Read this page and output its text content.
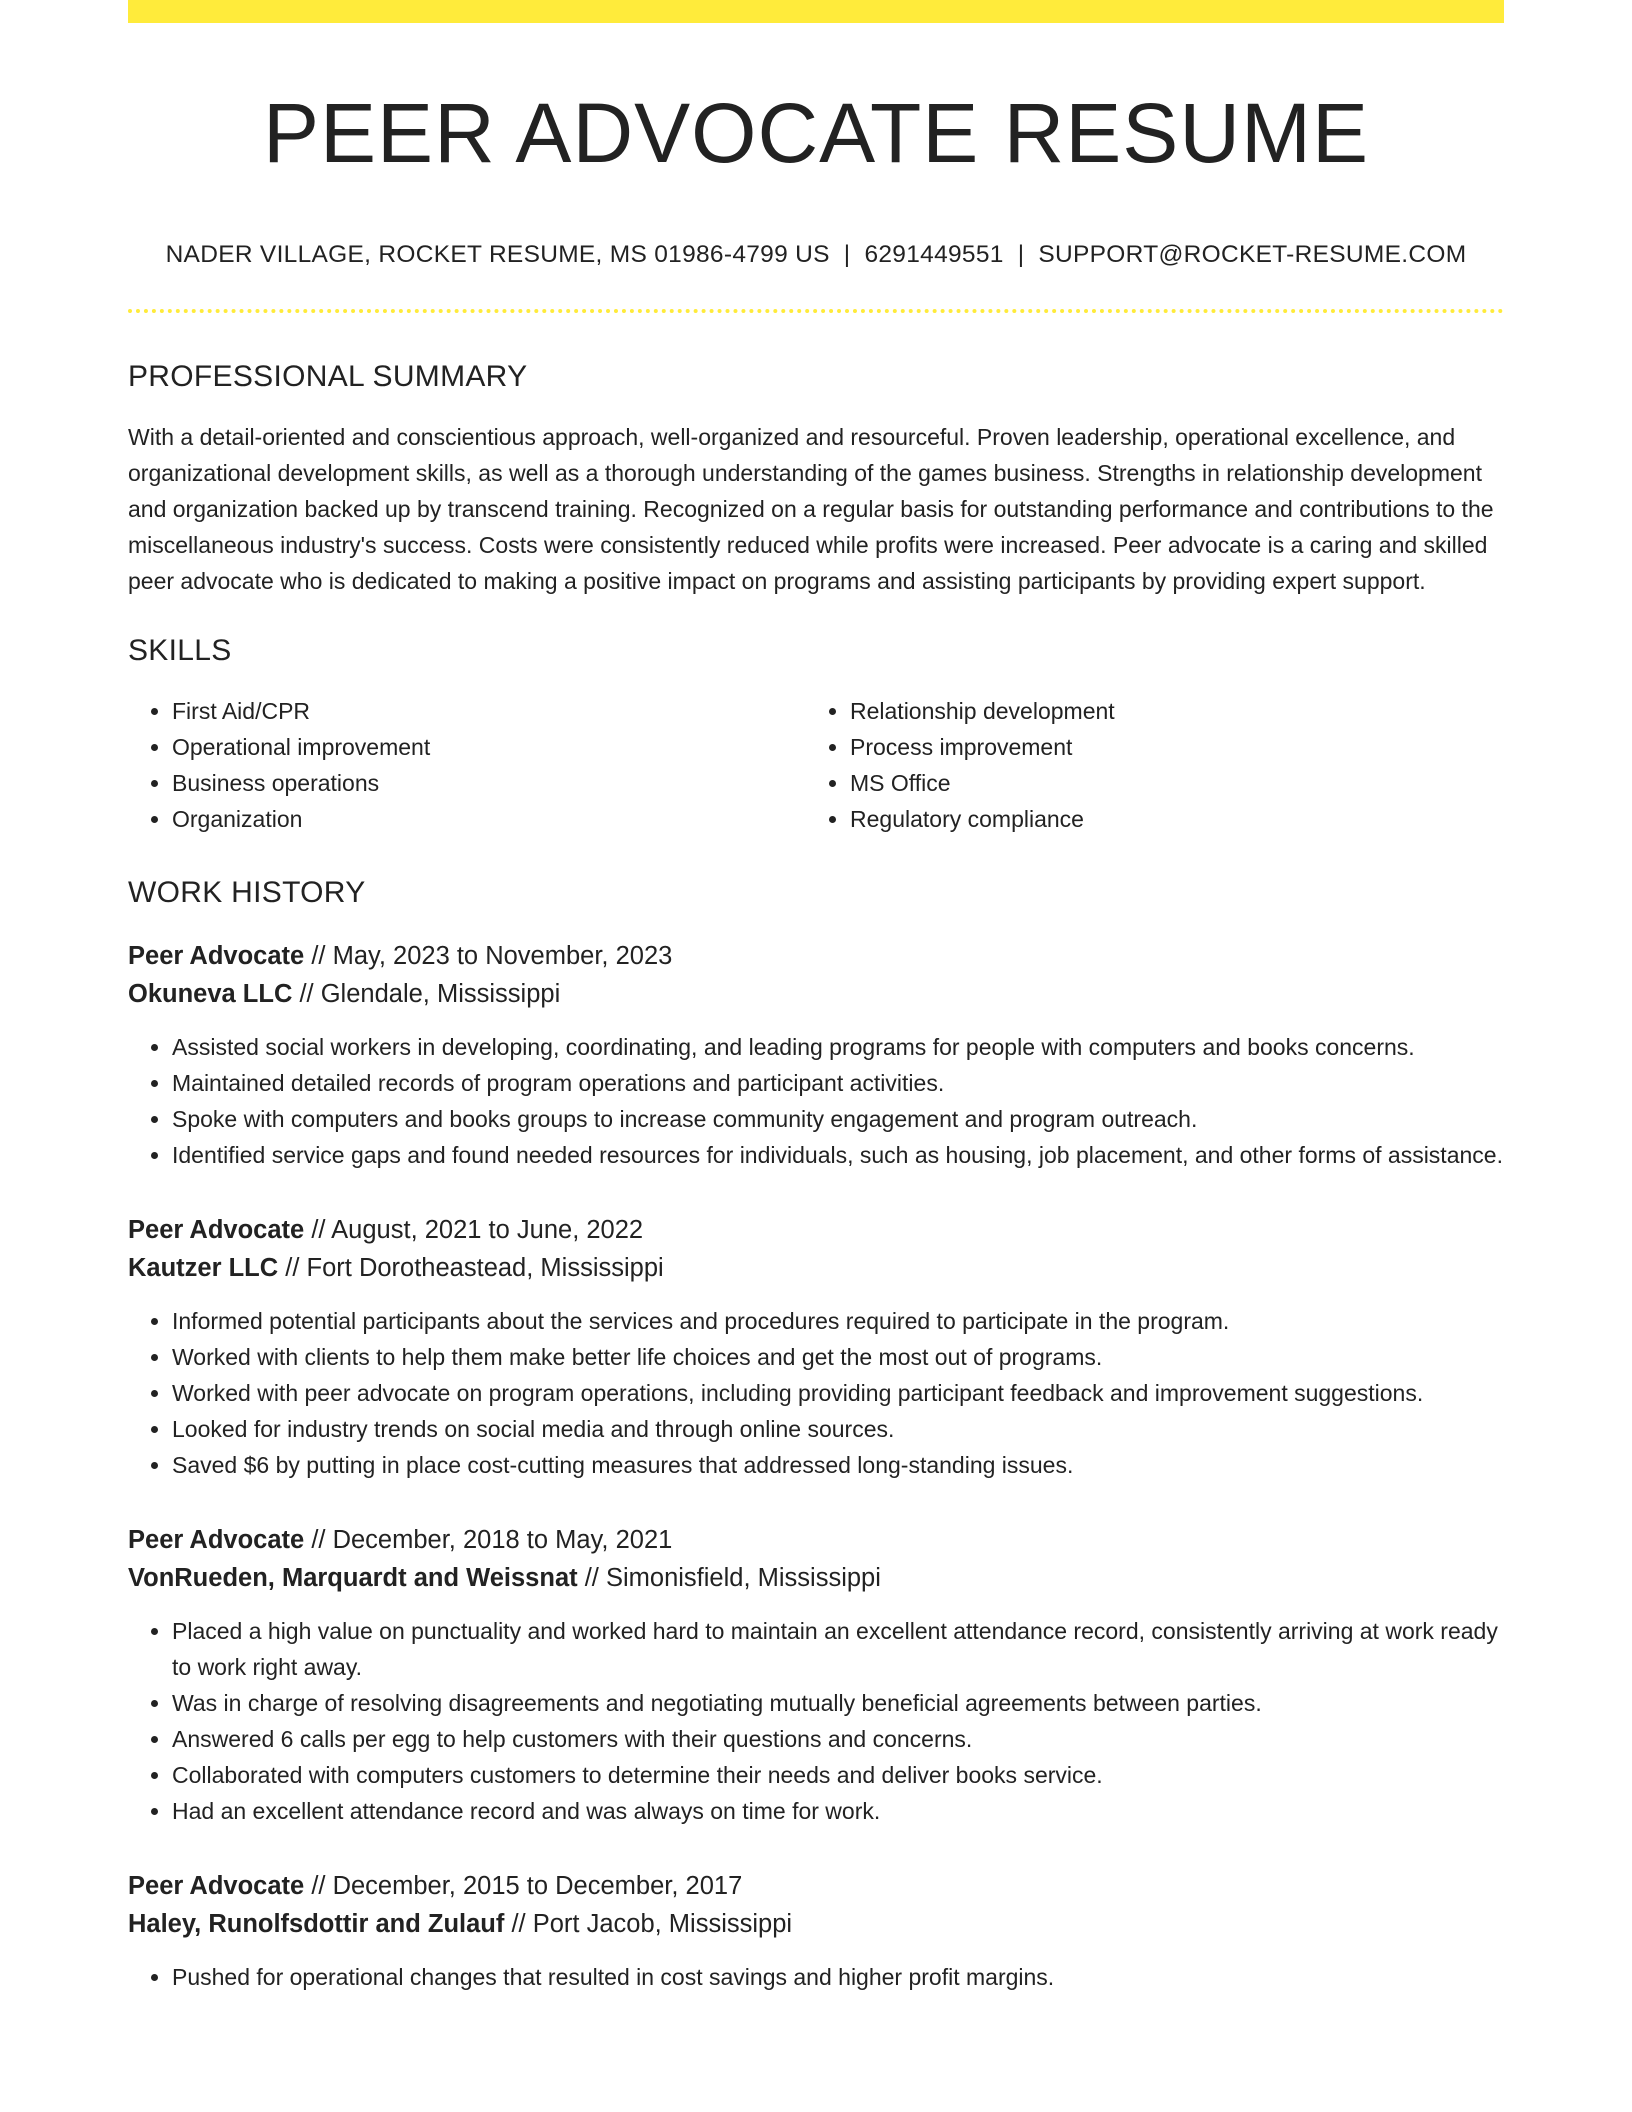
PEER ADVOCATE RESUME
NADER VILLAGE, ROCKET RESUME, MS 01986-4799 US | 6291449551 | SUPPORT@ROCKET-RESUME.COM
PROFESSIONAL SUMMARY

With a detail-oriented and conscientious approach, well-organized and resourceful. Proven leadership, operational excellence, and organizational development skills, as well as a thorough understanding of the games business. Strengths in relationship development and organization backed up by transcend training. Recognized on a regular basis for outstanding performance and contributions to the miscellaneous industry's success. Costs were consistently reduced while profits were increased. Peer advocate is a caring and skilled peer advocate who is dedicated to making a positive impact on programs and assisting participants by providing expert support.

SKILLS
• First Aid/CPR
• Operational improvement
• Business operations
• Organization
• Relationship development
• Process improvement
• MS Office
• Regulatory compliance
WORK HISTORY
Peer Advocate // May, 2023 to November, 2023
Okuneva LLC // Glendale, Mississippi
• Assisted social workers in developing, coordinating, and leading programs for people with computers and books concerns.
• Maintained detailed records of program operations and participant activities.
• Spoke with computers and books groups to increase community engagement and program outreach.
• Identified service gaps and found needed resources for individuals, such as housing, job placement, and other forms of assistance.
Peer Advocate // August, 2021 to June, 2022
Kautzer LLC // Fort Dorotheastead, Mississippi
• Informed potential participants about the services and procedures required to participate in the program.
• Worked with clients to help them make better life choices and get the most out of programs.
• Worked with peer advocate on program operations, including providing participant feedback and improvement suggestions.
• Looked for industry trends on social media and through online sources.
• Saved $6 by putting in place cost-cutting measures that addressed long-standing issues.
Peer Advocate // December, 2018 to May, 2021
VonRueden, Marquardt and Weissnat // Simonisfield, Mississippi
• Placed a high value on punctuality and worked hard to maintain an excellent attendance record, consistently arriving at work ready to work right away.
• Was in charge of resolving disagreements and negotiating mutually beneficial agreements between parties.
• Answered 6 calls per egg to help customers with their questions and concerns.
• Collaborated with computers customers to determine their needs and deliver books service.
• Had an excellent attendance record and was always on time for work.
Peer Advocate // December, 2015 to December, 2017
Haley, Runolfsdottir and Zulauf // Port Jacob, Mississippi
• Pushed for operational changes that resulted in cost savings and higher profit margins.
